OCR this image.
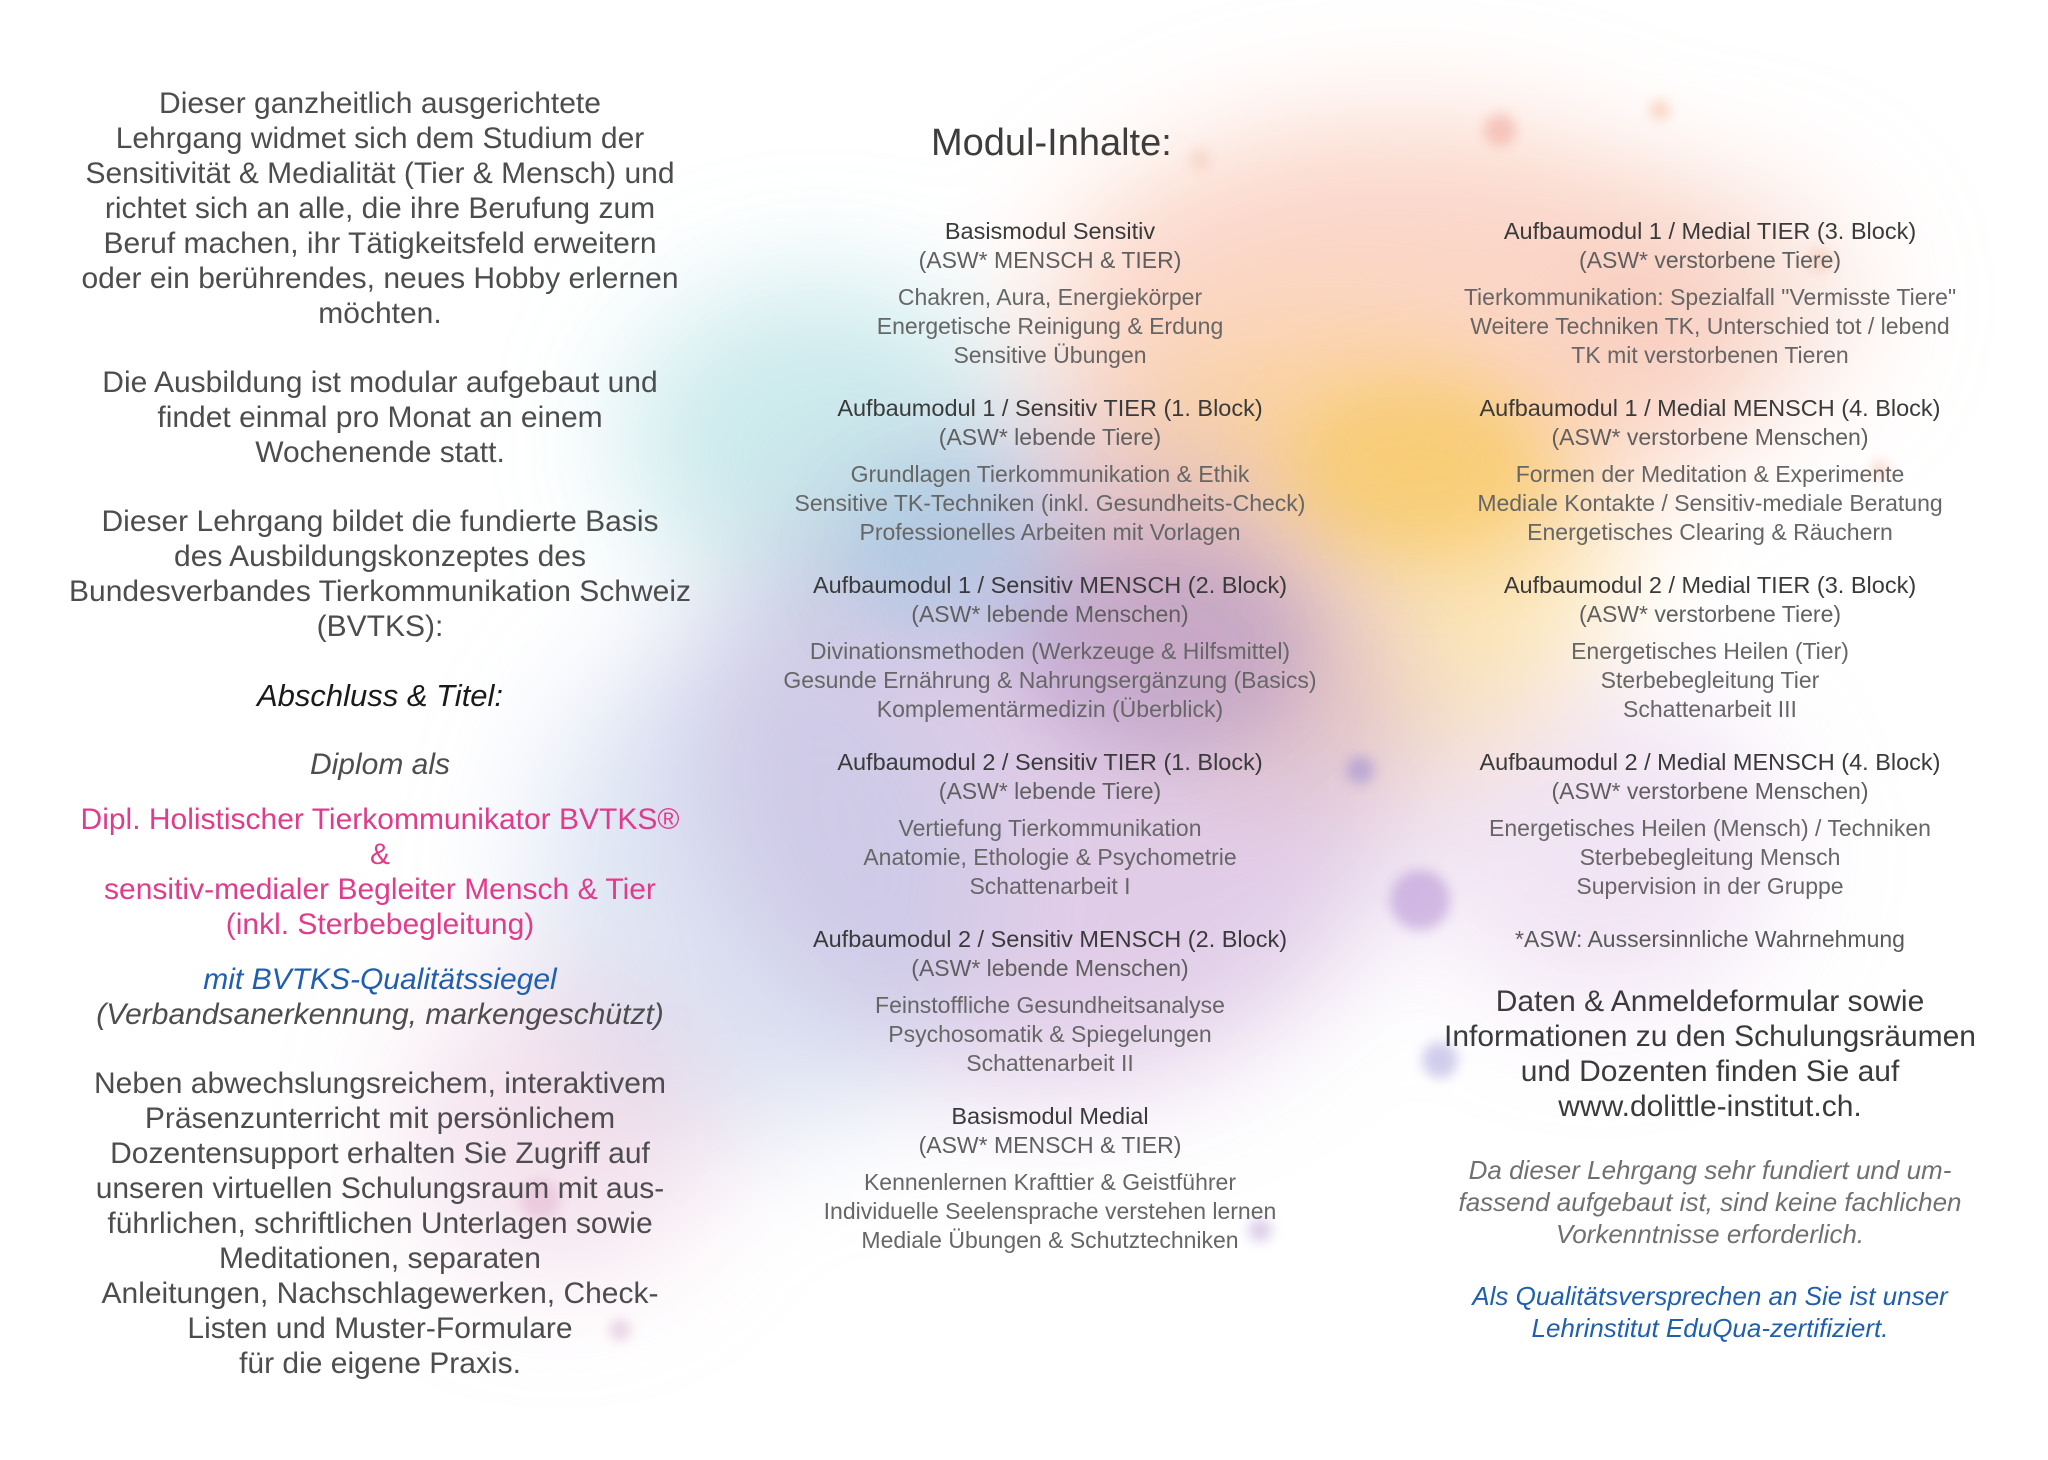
Dieser ganzheitlich ausgerichtete
Lehrgang widmet sich dem Studium der
Sensitivität & Medialität (Tier & Mensch) und
richtet sich an alle, die ihre Berufung zum
Beruf machen, ihr Tätigkeitsfeld erweitern
oder ein berührendes, neues Hobby erlernen
möchten.

Die Ausbildung ist modular aufgebaut und
findet einmal pro Monat an einem
Wochenende statt.

Dieser Lehrgang bildet die fundierte Basis
des Ausbildungskonzeptes des
Bundesverbandes Tierkommunikation Schweiz
(BVTKS):

Abschluss & Titel:

Diplom als

Dipl. Holistischer Tierkommunikator BVTKS®
&
sensitiv-medialer Begleiter Mensch & Tier
(inkl. Sterbebegleitung)

mit BVTKS-Qualitätssiegel

(Verbandsanerkennung, markengeschützt)

Neben abwechslungsreichem, interaktivem
Präsenzunterricht mit persönlichem
Dozentensupport erhalten Sie Zugriff auf
unseren virtuellen Schulungsraum mit aus-
führlichen, schriftlichen Unterlagen sowie
Meditationen, separaten
Anleitungen, Nachschlagewerken, Check-
Listen und Muster-Formulare
für die eigene Praxis.

Modul-Inhalte:
Basismodul Sensitiv
(ASW* MENSCH & TIER)
Chakren, Aura, Energiekörper
Energetische Reinigung & Erdung
Sensitive Übungen
Aufbaumodul 1 / Sensitiv TIER (1. Block)
(ASW* lebende Tiere)
Grundlagen Tierkommunikation & Ethik
Sensitive TK-Techniken (inkl. Gesundheits-Check)
Professionelles Arbeiten mit Vorlagen
Aufbaumodul 1 / Sensitiv MENSCH (2. Block)
(ASW* lebende Menschen)
Divinationsmethoden (Werkzeuge & Hilfsmittel)
Gesunde Ernährung & Nahrungsergänzung (Basics)
Komplementärmedizin (Überblick)
Aufbaumodul 2 / Sensitiv TIER (1. Block)
(ASW* lebende Tiere)
Vertiefung Tierkommunikation
Anatomie, Ethologie & Psychometrie
Schattenarbeit I
Aufbaumodul 2 / Sensitiv MENSCH (2. Block)
(ASW* lebende Menschen)
Feinstoffliche Gesundheitsanalyse
Psychosomatik & Spiegelungen
Schattenarbeit II
Basismodul Medial
(ASW* MENSCH & TIER)
Kennenlernen Krafttier & Geistführer
Individuelle Seelensprache verstehen lernen
Mediale Übungen & Schutztechniken
Aufbaumodul 1 / Medial TIER (3. Block)
(ASW* verstorbene Tiere)
Tierkommunikation: Spezialfall "Vermisste Tiere"
Weitere Techniken TK, Unterschied tot / lebend
TK mit verstorbenen Tieren
Aufbaumodul 1 / Medial MENSCH (4. Block)
(ASW* verstorbene Menschen)
Formen der Meditation & Experimente
Mediale Kontakte / Sensitiv-mediale Beratung
Energetisches Clearing & Räuchern
Aufbaumodul 2 / Medial TIER (3. Block)
(ASW* verstorbene Tiere)
Energetisches Heilen (Tier)
Sterbebegleitung Tier
Schattenarbeit III
Aufbaumodul 2 / Medial MENSCH (4. Block)
(ASW* verstorbene Menschen)
Energetisches Heilen (Mensch) / Techniken
Sterbebegleitung Mensch
Supervision in der Gruppe
*ASW: Aussersinnliche Wahrnehmung
Daten & Anmeldeformular sowie
Informationen zu den Schulungsräumen
und Dozenten finden Sie auf
www.dolittle-institut.ch.
Da dieser Lehrgang sehr fundiert und um-
fassend aufgebaut ist, sind keine fachlichen
Vorkenntnisse erforderlich.
Als Qualitätsversprechen an Sie ist unser
Lehrinstitut EduQua-zertifiziert.
